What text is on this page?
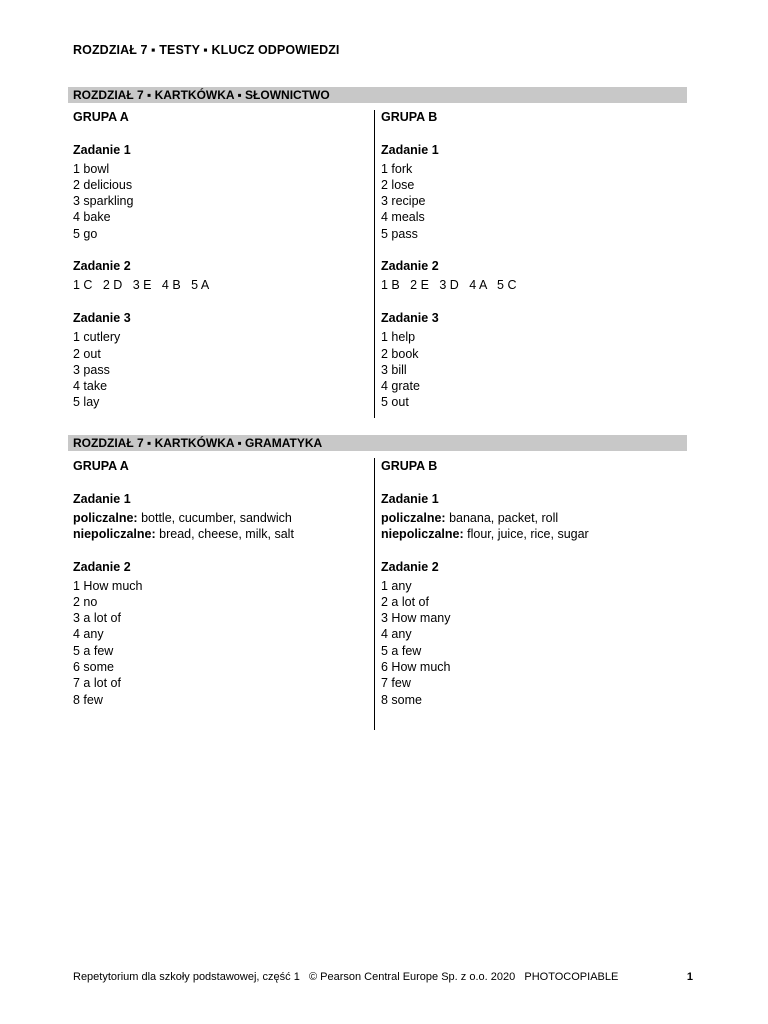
ROZDZIAŁ 7 ▪ TESTY ▪ KLUCZ ODPOWIEDZI
ROZDZIAŁ 7 ▪ KARTKÓWKA ▪ SŁOWNICTWO
GRUPA A
Zadanie 1
1 bowl
2 delicious
3 sparkling
4 bake
5 go
Zadanie 2
1 C   2 D   3 E   4 B   5 A
Zadanie 3
1 cutlery
2 out
3 pass
4 take
5 lay
GRUPA B
Zadanie 1
1 fork
2 lose
3 recipe
4 meals
5 pass
Zadanie 2
1 B   2 E   3 D   4 A   5 C
Zadanie 3
1 help
2 book
3 bill
4 grate
5 out
ROZDZIAŁ 7 ▪ KARTKÓWKA ▪ GRAMATYKA
GRUPA A
Zadanie 1
policzalne: bottle, cucumber, sandwich
niepoliczalne: bread, cheese, milk, salt
Zadanie 2
1 How much
2 no
3 a lot of
4 any
5 a few
6 some
7 a lot of
8 few
GRUPA B
Zadanie 1
policzalne: banana, packet, roll
niepoliczalne: flour, juice, rice, sugar
Zadanie 2
1 any
2 a lot of
3 How many
4 any
5 a few
6 How much
7 few
8 some
Repetytorium dla szkoły podstawowej, część 1   © Pearson Central Europe Sp. z o.o. 2020   PHOTOCOPIABLE	1
